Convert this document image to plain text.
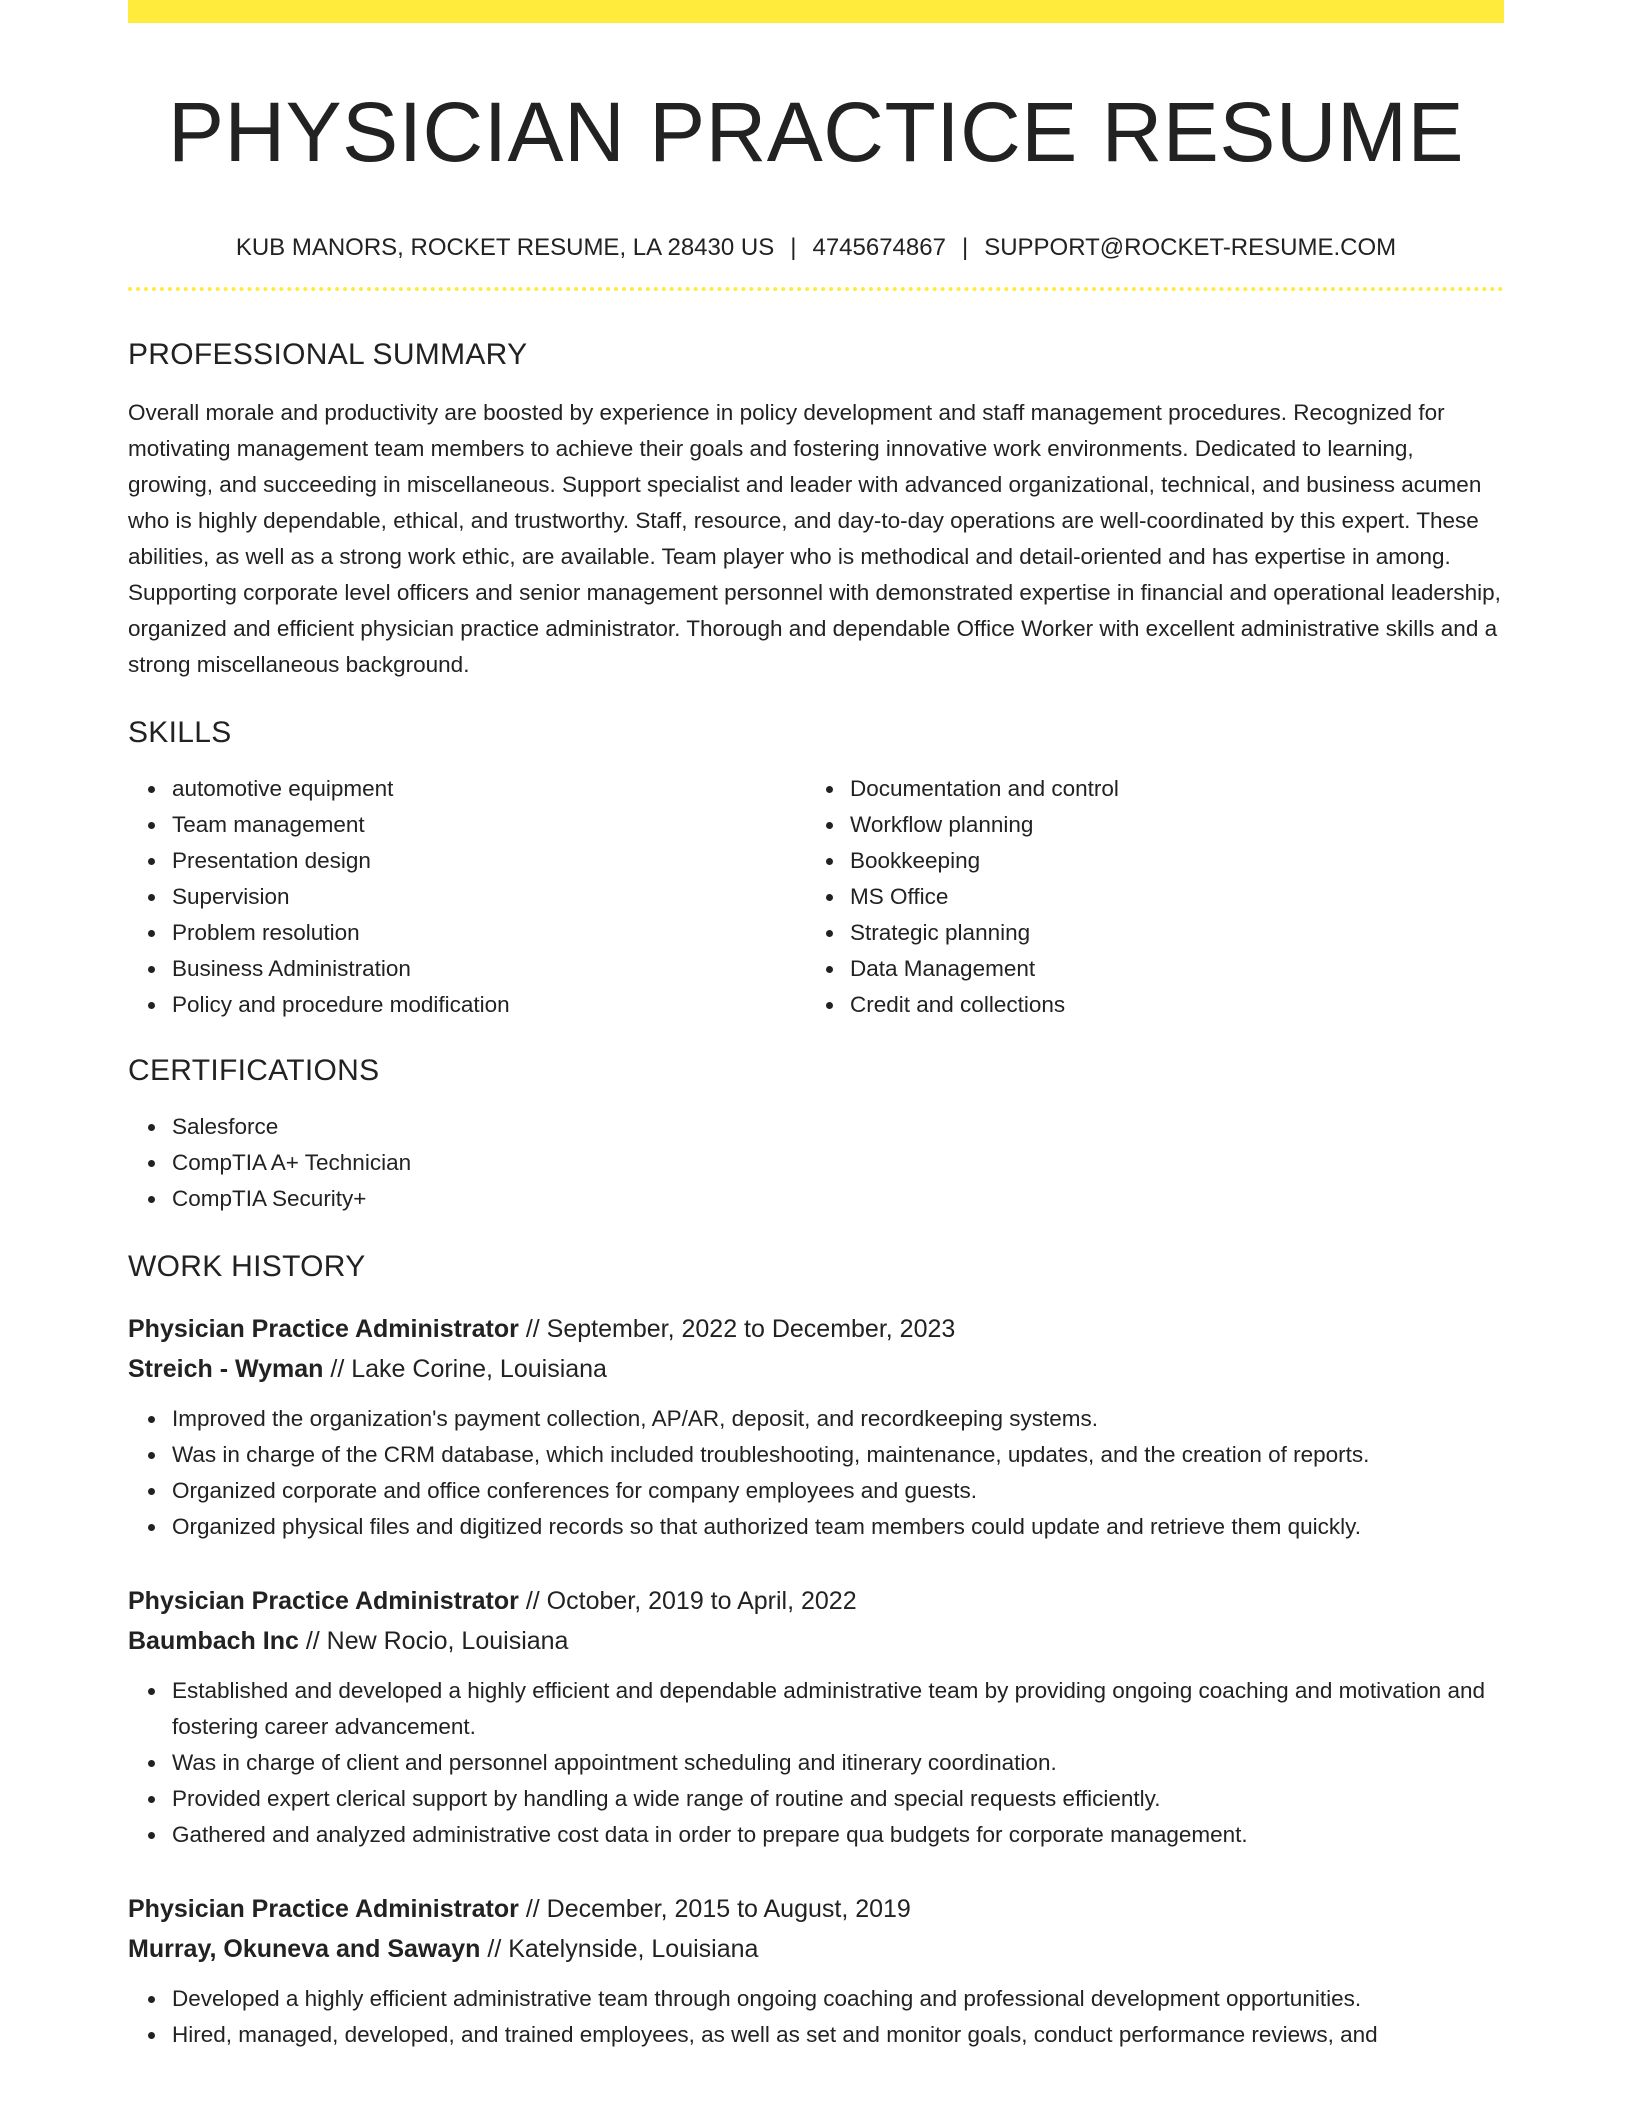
PHYSICIAN PRACTICE RESUME
KUB MANORS, ROCKET RESUME, LA 28430 US | 4745674867 | SUPPORT@ROCKET-RESUME.COM
PROFESSIONAL SUMMARY

Overall morale and productivity are boosted by experience in policy development and staff management procedures. Recognized for motivating management team members to achieve their goals and fostering innovative work environments. Dedicated to learning, growing, and succeeding in miscellaneous. Support specialist and leader with advanced organizational, technical, and business acumen who is highly dependable, ethical, and trustworthy. Staff, resource, and day-to-day operations are well-coordinated by this expert. These abilities, as well as a strong work ethic, are available. Team player who is methodical and detail-oriented and has expertise in among. Supporting corporate level officers and senior management personnel with demonstrated expertise in financial and operational leadership, organized and efficient physician practice administrator. Thorough and dependable Office Worker with excellent administrative skills and a strong miscellaneous background.

SKILLS
automotive equipment
Team management
Presentation design
Supervision
Problem resolution
Business Administration
Policy and procedure modification
Documentation and control
Workflow planning
Bookkeeping
MS Office
Strategic planning
Data Management
Credit and collections
CERTIFICATIONS
Salesforce
CompTIA A+ Technician
CompTIA Security+
WORK HISTORY
Physician Practice Administrator // September, 2022 to December, 2023
Streich - Wyman // Lake Corine, Louisiana
Improved the organization's payment collection, AP/AR, deposit, and recordkeeping systems.
Was in charge of the CRM database, which included troubleshooting, maintenance, updates, and the creation of reports.
Organized corporate and office conferences for company employees and guests.
Organized physical files and digitized records so that authorized team members could update and retrieve them quickly.
Physician Practice Administrator // October, 2019 to April, 2022
Baumbach Inc // New Rocio, Louisiana
Established and developed a highly efficient and dependable administrative team by providing ongoing coaching and motivation and fostering career advancement.
Was in charge of client and personnel appointment scheduling and itinerary coordination.
Provided expert clerical support by handling a wide range of routine and special requests efficiently.
Gathered and analyzed administrative cost data in order to prepare qua budgets for corporate management.
Physician Practice Administrator // December, 2015 to August, 2019
Murray, Okuneva and Sawayn // Katelynside, Louisiana
Developed a highly efficient administrative team through ongoing coaching and professional development opportunities.
Hired, managed, developed, and trained employees, as well as set and monitor goals, conduct performance reviews, and
